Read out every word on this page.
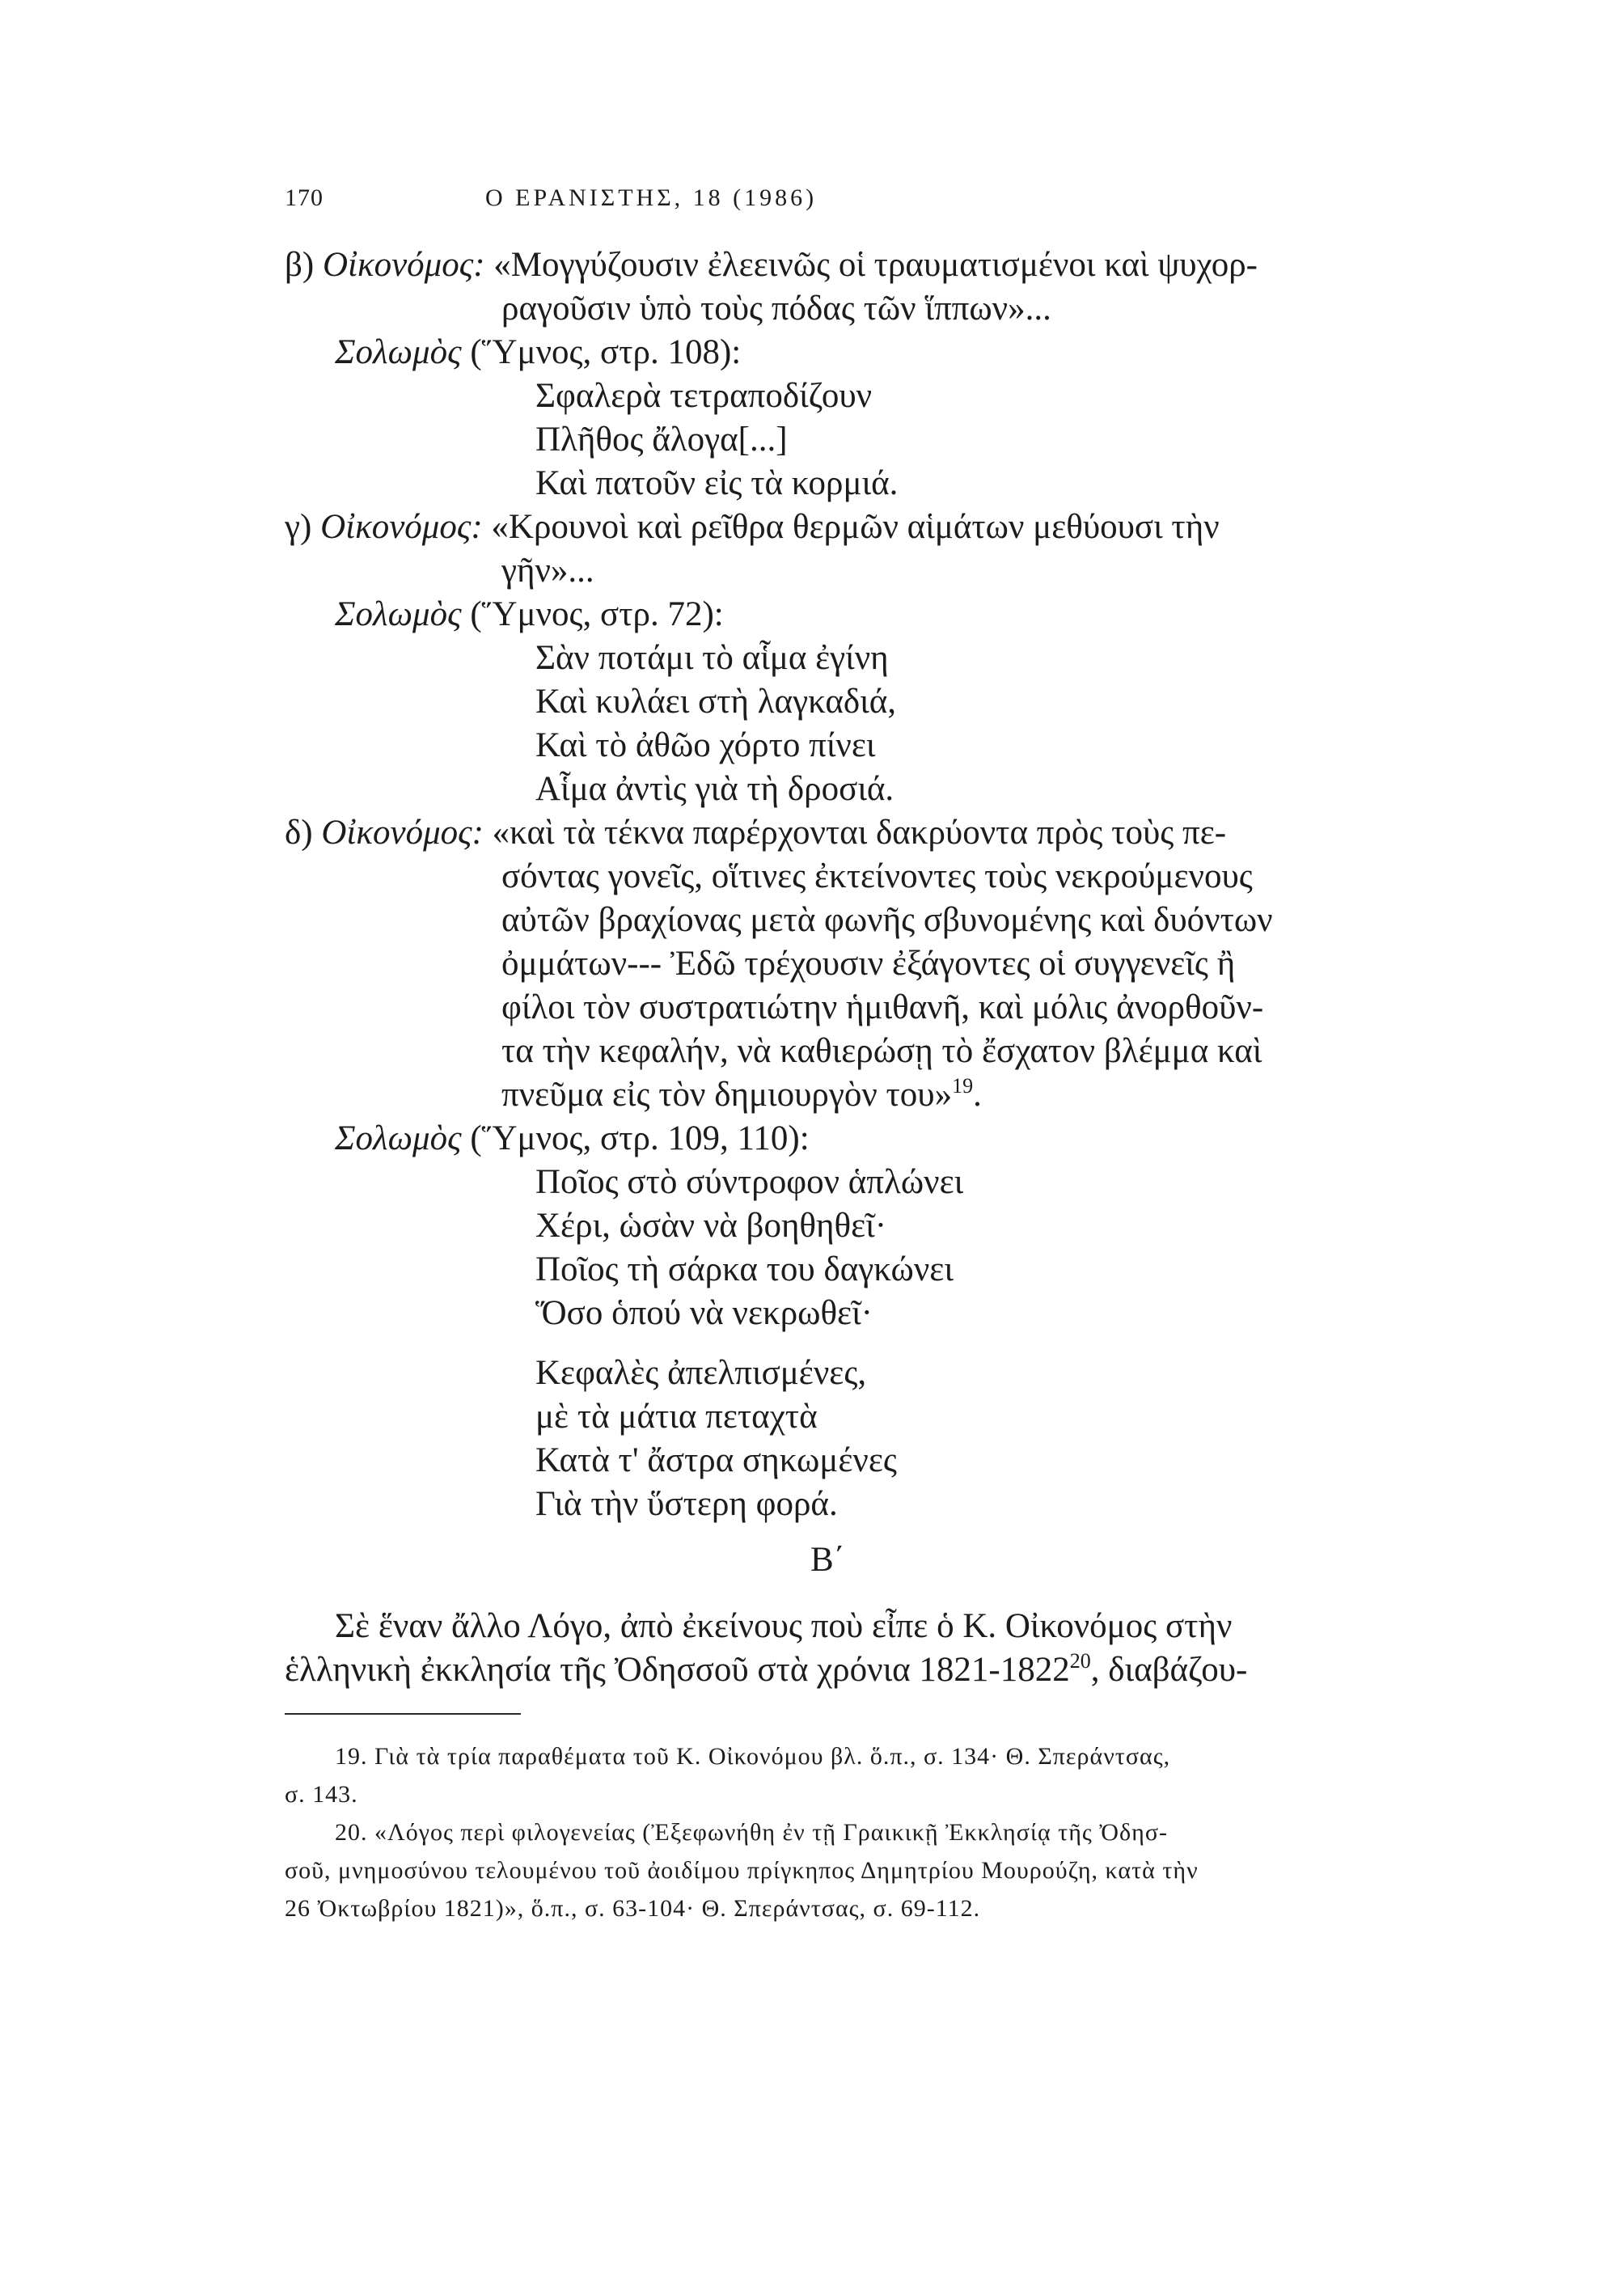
170	Ο ΕΡΑΝΙΣΤΗΣ, 18 (1986)
β) Οἰκονόμος: «Μογγύζουσιν ἐλεεινῶς οἱ τραυματισμένοι καὶ ψυχορ-
ραγοῦσιν ὑπὸ τοὺς πόδας τῶν ἵππων»...
Σολωμὸς (Ὕμνος, στρ. 108):
Σφαλερὰ τετραποδίζουν
Πλῆθος ἄλογα[...]
Καὶ πατοῦν εἰς τὰ κορμιά.
γ) Οἰκονόμος: «Κρουνοὶ καὶ ρεῖθρα θερμῶν αἱμάτων μεθύουσι τὴν
γῆν»...
Σολωμὸς (Ὕμνος, στρ. 72):
Σὰν ποτάμι τὸ αἷμα ἐγίνη
Καὶ κυλάει στὴ λαγκαδιά,
Καὶ τὸ ἀθῶο χόρτο πίνει
Αἷμα ἀντὶς γιὰ τὴ δροσιά.
δ) Οἰκονόμος: «καὶ τὰ τέκνα παρέρχονται δακρύοντα πρὸς τοὺς πε-
σόντας γονεῖς, οἵτινες ἐκτείνοντες τοὺς νεκρούμενους
αὐτῶν βραχίονας μετὰ φωνῆς σβυνομένης καὶ δυόντων
ὀμμάτων--- Ἐδῶ τρέχουσιν ἐξάγοντες οἱ συγγενεῖς ἢ
φίλοι τὸν συστρατιώτην ἡμιθανῆ, καὶ μόλις ἀνορθοῦν-
τα τὴν κεφαλήν, νὰ καθιερώσῃ τὸ ἔσχατον βλέμμα καὶ
πνεῦμα εἰς τὸν δημιουργὸν του»$^{19}$.
Σολωμὸς (Ὕμνος, στρ. 109, 110):
Ποῖος στὸ σύντροφον ἁπλώνει
Χέρι, ὡσὰν νὰ βοηθηθεῖ·
Ποῖος τὴ σάρκα του δαγκώνει
Ὅσο ὁπού νὰ νεκρωθεῖ·
Κεφαλὲς ἀπελπισμένες,
μὲ τὰ μάτια πεταχτὰ
Κατὰ τ' ἄστρα σηκωμένες
Γιὰ τὴν ὕστερη φορά.
Β΄
Σὲ ἕναν ἄλλο Λόγο, ἀπὸ ἐκείνους ποὺ εἶπε ὁ Κ. Οἰκονόμος στὴν
ἑλληνικὴ ἐκκλησία τῆς Ὀδησσοῦ στὰ χρόνια 1821-1822$^{20}$, διαβάζου-
19. Γιὰ τὰ τρία παραθέματα τοῦ Κ. Οἰκονόμου βλ. ὅ.π., σ. 134· Θ. Σπεράντσας,
σ. 143.
20. «Λόγος περὶ φιλογενείας (Ἐξεφωνήθη ἐν τῇ Γραικικῇ Ἐκκλησίᾳ τῆς Ὀδησ-
σοῦ, μνημοσύνου τελουμένου τοῦ ἀοιδίμου πρίγκηπος Δημητρίου Μουρούζη, κατὰ τὴν
26 Ὀκτωβρίου 1821)», ὅ.π., σ. 63-104· Θ. Σπεράντσας, σ. 69-112.
